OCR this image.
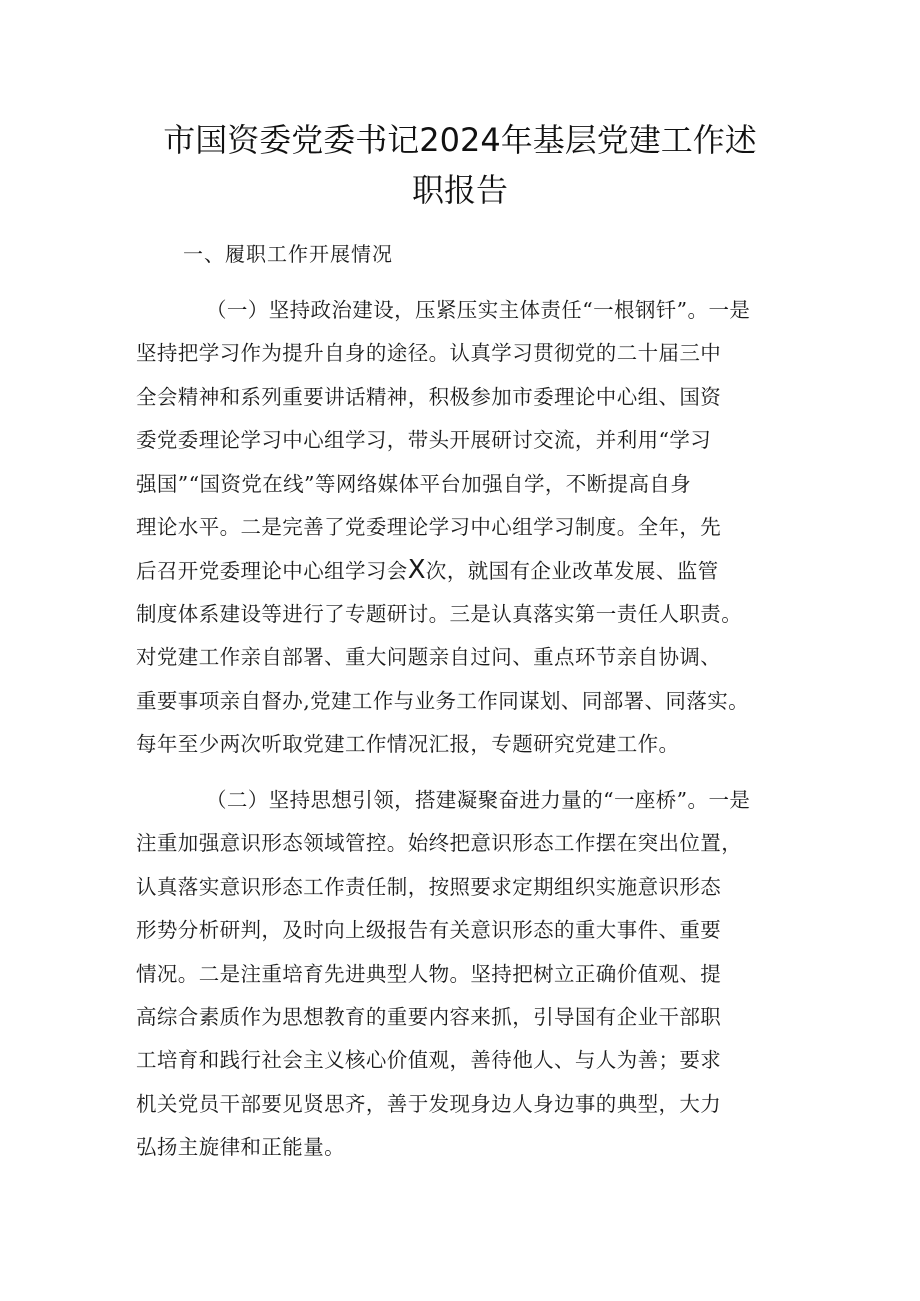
市国资委党委书记2024年基层党建工作述
职报告
一、履职工作开展情况
（一）坚持政治建设，压紧压实主体责任“一根钢钎”。一是
坚持把学习作为提升自身的途径。认真学习贯彻党的二十届三中
全会精神和系列重要讲话精神，积极参加市委理论中心组、国资
委党委理论学习中心组学习，带头开展研讨交流，并利用“学习
强国”“国资党在线”等网络媒体平台加强自学，不断提高自身
理论水平。二是完善了党委理论学习中心组学习制度。全年，先
后召开党委理论中心组学习会X次，就国有企业改革发展、监管
制度体系建设等进行了专题研讨。三是认真落实第一责任人职责。
对党建工作亲自部署、重大问题亲自过问、重点环节亲自协调、
重要事项亲自督办,党建工作与业务工作同谋划、同部署、同落实。
每年至少两次听取党建工作情况汇报，专题研究党建工作。
（二）坚持思想引领，搭建凝聚奋进力量的“一座桥”。一是
注重加强意识形态领域管控。始终把意识形态工作摆在突出位置，
认真落实意识形态工作责任制，按照要求定期组织实施意识形态
形势分析研判，及时向上级报告有关意识形态的重大事件、重要
情况。二是注重培育先进典型人物。坚持把树立正确价值观、提
高综合素质作为思想教育的重要内容来抓，引导国有企业干部职
工培育和践行社会主义核心价值观，善待他人、与人为善；要求
机关党员干部要见贤思齐，善于发现身边人身边事的典型，大力
弘扬主旋律和正能量。
